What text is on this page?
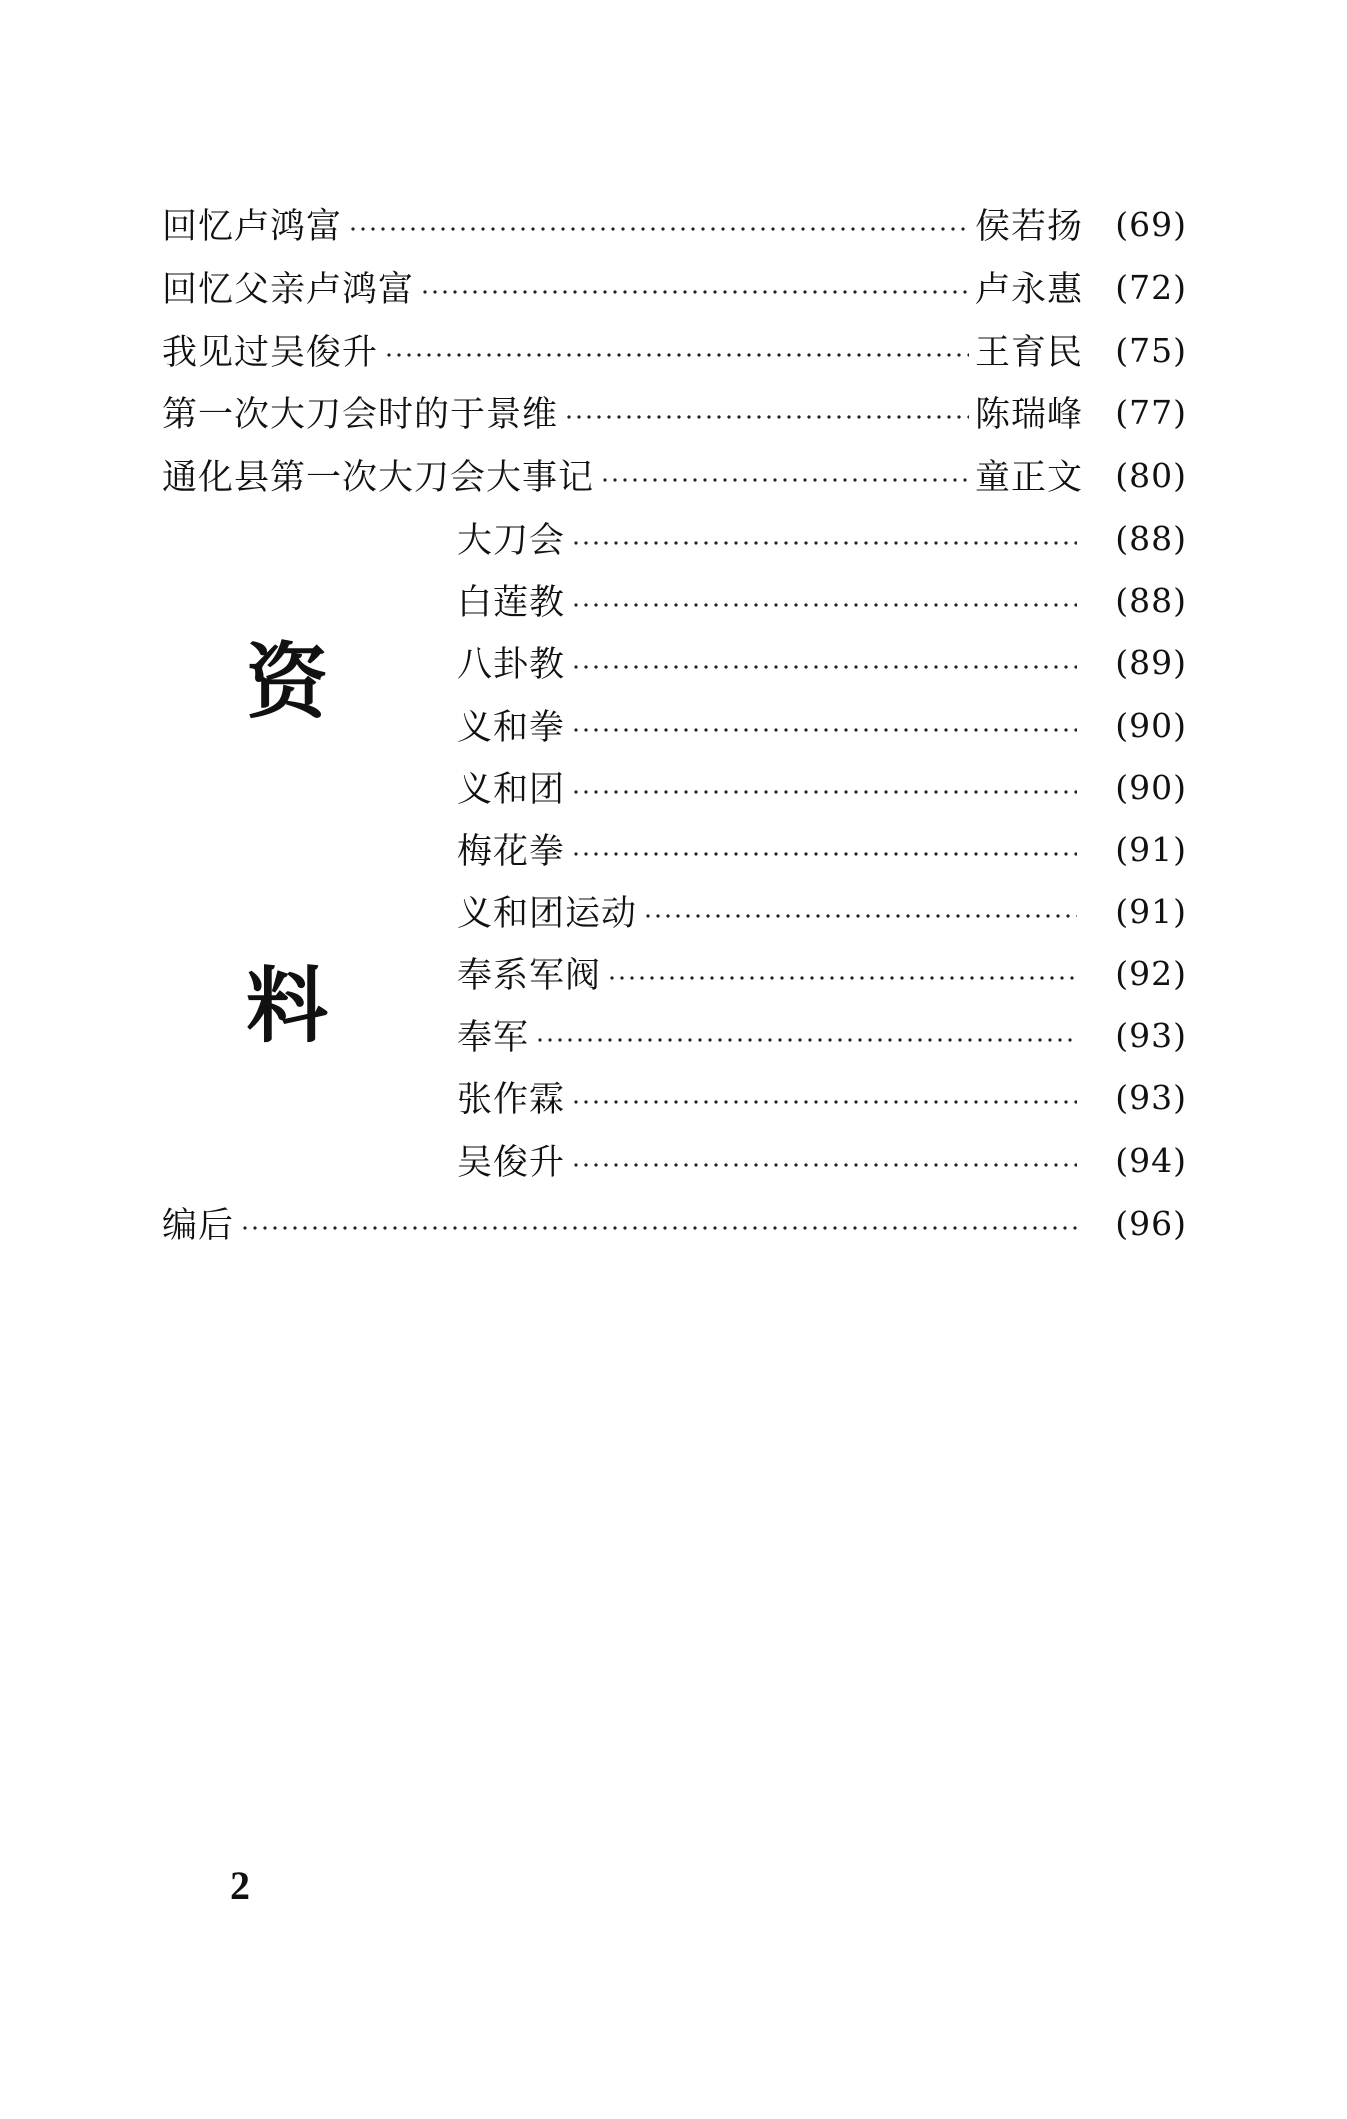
回忆卢鸿富	侯若扬 (69)
回忆父亲卢鸿富	卢永惠 (72)
我见过吴俊升	王育民 (75)
第一次大刀会时的于景维	陈瑞峰 (77)
通化县第一次大刀会大事记	童正文 (80)
资
料
大刀会	(88)
白莲教	(88)
八卦教	(89)
义和拳	(90)
义和团	(90)
梅花拳	(91)
义和团运动	(91)
奉系军阀	(92)
奉军	(93)
张作霖	(93)
吴俊升	(94)
编后	(96)
2
